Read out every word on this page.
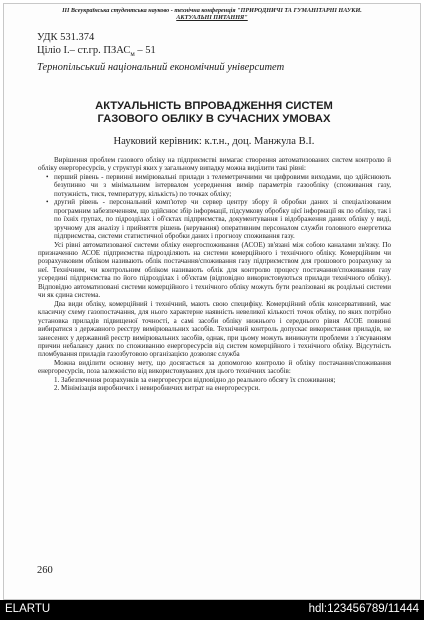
III Всеукраїнська студентська науково - технічна конференція "ПРИРОДНИЧІ ТА ГУМАНІТАРНІ НАУКИ.
АКТУАЛЬНІ ПИТАННЯ"
УДК 531.374
Ціліо І.– ст.гр. $ПЗАС_м - 51$
Тернопільський національний економічний університет
АКТУАЛЬНІСТЬ ВПРОВАДЖЕННЯ СИСТЕМ ГАЗОВОГО ОБЛІКУ В СУЧАСНИХ УМОВАХ
Науковий керівник: к.т.н., доц. Манжула В.І.

Вирішення проблем газового обліку на підприємстві вимагає створення автоматизованих систем контролю й обліку енергоресурсів, у структурі яких у загальному випадку можна виділити такі рівні:

• перший рівень - первинні вимірювальні прилади з телеметричними чи цифровими виходами, що здійснюють безупинно чи з мінімальним інтервалом усереднення вимір параметрів газообліку (споживання газу, потужність, тиск, температуру, кількість) по точках обліку;

• другий рівень - персональний комп'ютер чи сервер центру збору й обробки даних зі спеціалізованим програмним забезпеченням, що здійснює збір інформації, підсумкову обробку цієї інформації як по обліку, так і по їхніх групах, по підрозділах і об'єктах підприємства, документування і відображення даних обліку у виді, зручному для аналізу і прийняття рішень (керування) оперативним персоналом служби головного енергетика підприємства, системи статистичної обробки даних і прогнозу споживання газу.

Усі рівні автоматизованої системи обліку енергоспоживання (АСОЕ) зв'язані між собою каналами зв'язку. По призначенню АСОЕ підприємства підрозділяють на системи комерційного і технічного обліку. Комерційним чи розрахунковим обліком називають облік постачання/споживання газу підприємством для грошового розрахунку за неї. Технічним, чи контрольним обліком називають облік для контролю процесу постачання/споживання газу усередині підприємства по його підрозділах і об'єктам (відповідно використовуються прилади технічного обліку). Відповідно автоматизовані системи комерційного і технічного обліку можуть бути реалізовані як роздільні системи чи як єдина система.

Два види обліку, комерційний і технічний, мають свою специфіку. Комерційний облік консервативний, має класичну схему газопостачання, для нього характерне наявність невеликої кількості точок обліку, по яких потрібно установка приладів підвищеної точності, а самі засоби обліку нижнього і середнього рівня АСОЕ повинні вибиратися з державного реєстру вимірювальних засобів. Технічний контроль допускає використання приладів, не занесених у державний реєстр вимірювальних засобів, однак, при цьому можуть виникнути проблеми з з'ясуванням причин небалансу даних по споживанню енергоресурсів від систем комерційного і технічного обліку. Відсутність пломбування приладів газозбутовою організацією дозволяє служба

Можна виділити основну мету, що досягається за допомогою контролю й обліку постачання/споживання енергоресурсів, поза залежністю від використовуваних для цього технічних засобів:

1. Забезпечення розрахунків за енергоресурси відповідно до реального обсягу їх споживання;

2. Мінімізація виробничих і невиробничих витрат на енергоресурси.

260
ELARTU	hdl:123456789/11444
